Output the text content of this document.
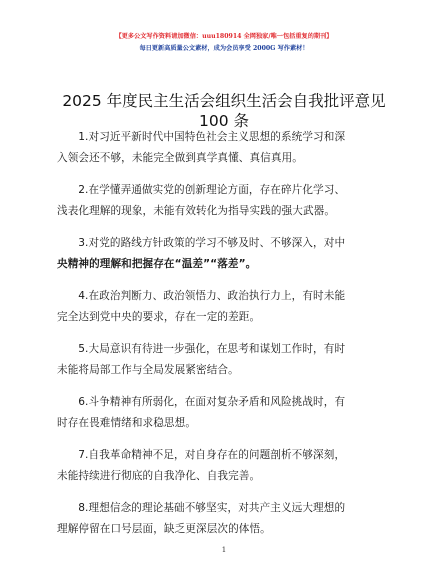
【更多公文写作资料请加微信：uuu180914 全网独家/唯一包括重复的期刊】
每日更新高质量公文素材，成为会员享受 2000G 写作素材！
2025 年度民主生活会组织生活会自我批评意见
100 条
1.对习近平新时代中国特色社会主义思想的系统学习和深
入领会还不够，未能完全做到真学真懂、真信真用。
2.在学懂弄通做实党的创新理论方面，存在碎片化学习、
浅表化理解的现象，未能有效转化为指导实践的强大武器。
3.对党的路线方针政策的学习不够及时、不够深入，对中
央精神的理解和把握存在“温差”“落差”。
4.在政治判断力、政治领悟力、政治执行力上，有时未能
完全达到党中央的要求，存在一定的差距。
5.大局意识有待进一步强化，在思考和谋划工作时，有时
未能将局部工作与全局发展紧密结合。
6.斗争精神有所弱化，在面对复杂矛盾和风险挑战时，有
时存在畏难情绪和求稳思想。
7.自我革命精神不足，对自身存在的问题剖析不够深刻，
未能持续进行彻底的自我净化、自我完善。
8.理想信念的理论基础不够坚实，对共产主义远大理想的
理解停留在口号层面，缺乏更深层次的体悟。
1
